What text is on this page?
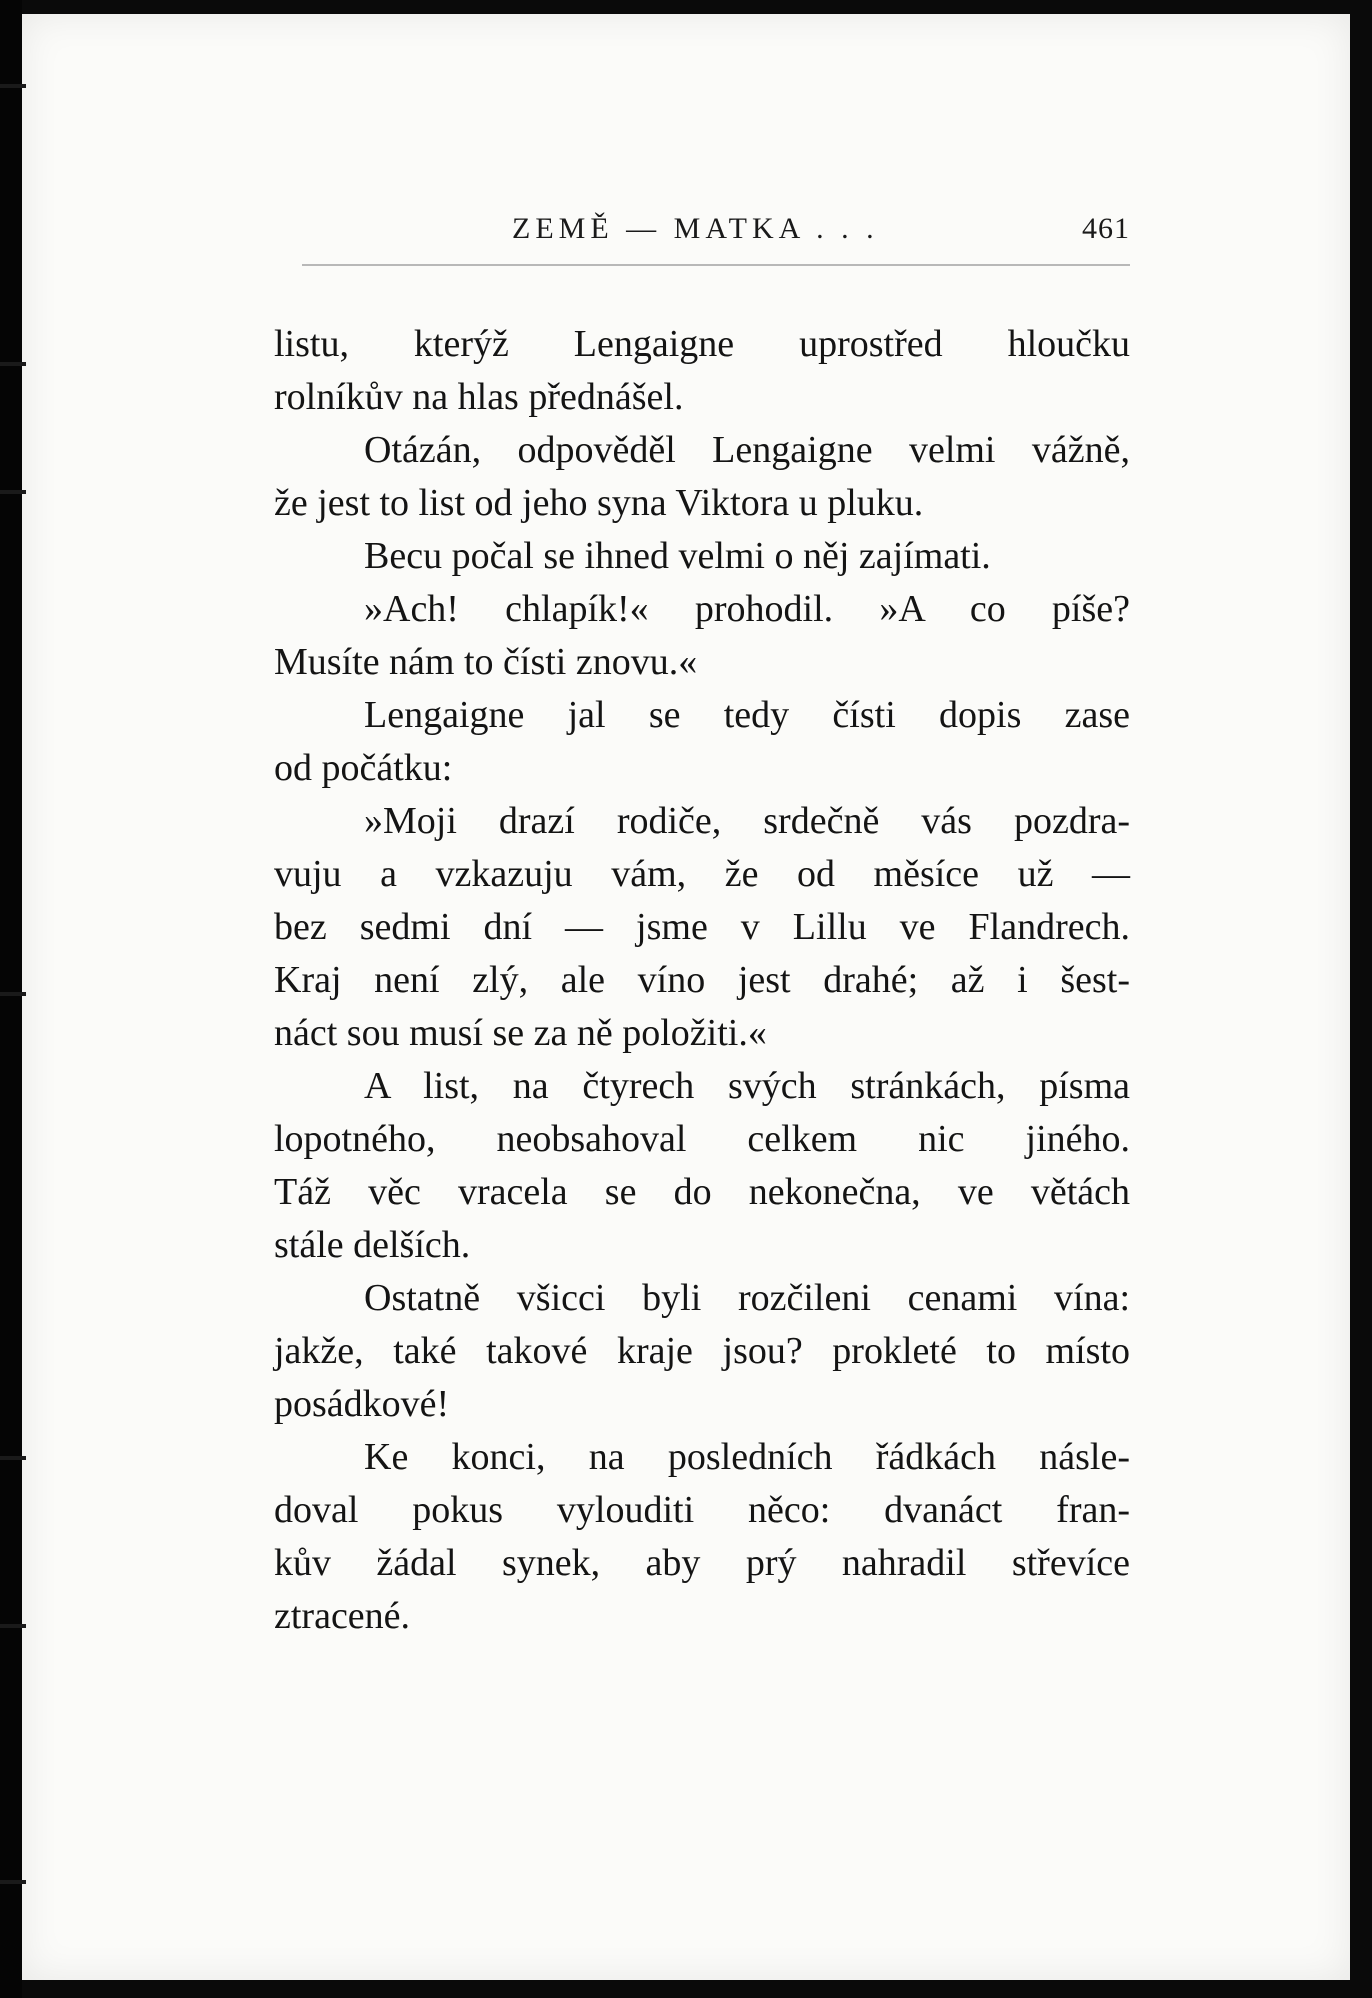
ZEMĚ — MATKA . . .	461
listu, kterýž Lengaigne uprostřed hloučku
rolníkův na hlas přednášel.
Otázán, odpověděl Lengaigne velmi vážně,
že jest to list od jeho syna Viktora u pluku.
Becu počal se ihned velmi o něj zajímati.
»Ach! chlapík!« prohodil. »A co píše?
Musíte nám to čísti znovu.«
Lengaigne jal se tedy čísti dopis zase
od počátku:
»Moji drazí rodiče, srdečně vás pozdra-
vuju a vzkazuju vám, že od měsíce už —
bez sedmi dní — jsme v Lillu ve Flandrech.
Kraj není zlý, ale víno jest drahé; až i šest-
náct sou musí se za ně položiti.«
A list, na čtyrech svých stránkách, písma
lopotného, neobsahoval celkem nic jiného.
Táž věc vracela se do nekonečna, ve větách
stále delších.
Ostatně všicci byli rozčileni cenami vína:
jakže, také takové kraje jsou? prokleté to místo
posádkové!
Ke konci, na posledních řádkách násle-
doval pokus vylouditi něco: dvanáct fran-
kův žádal synek, aby prý nahradil střevíce
ztracené.
